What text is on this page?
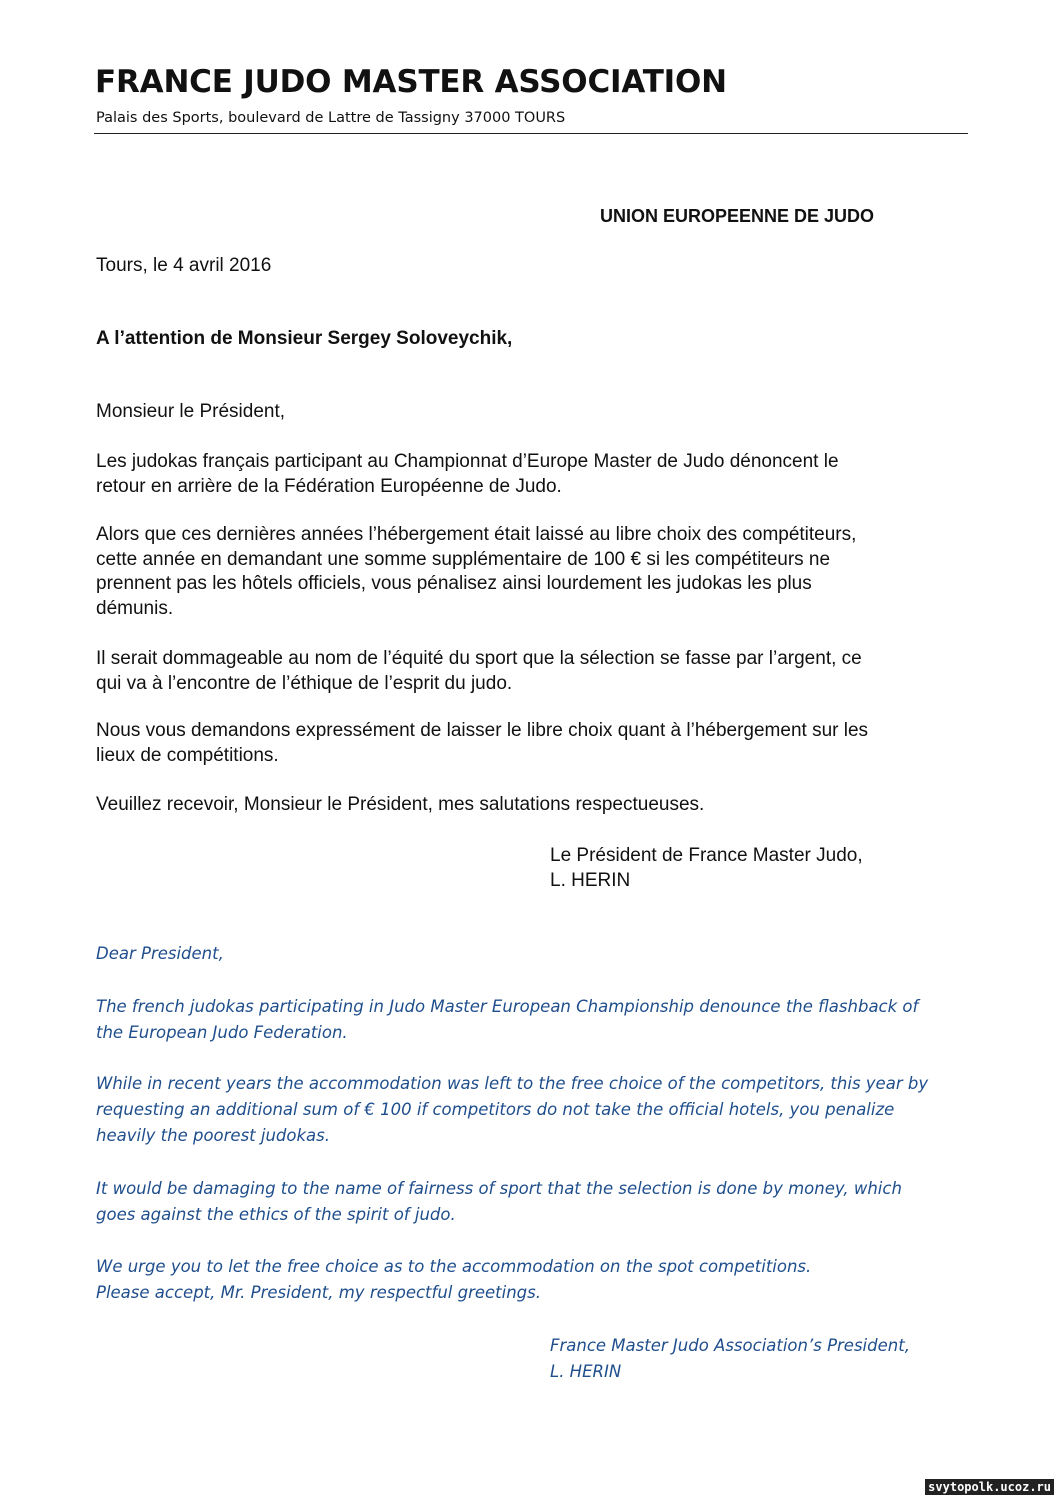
FRANCE JUDO MASTER ASSOCIATION
Palais des Sports, boulevard de Lattre de Tassigny 37000 TOURS
UNION EUROPEENNE DE JUDO
Tours, le 4 avril 2016
A l’attention de Monsieur Sergey Soloveychik,
Monsieur le Président,
Les judokas français participant au Championnat d’Europe Master de Judo dénoncent le
retour en arrière de la Fédération Européenne de Judo.
Alors que ces dernières années l’hébergement était laissé au libre choix des compétiteurs,
cette année en demandant une somme supplémentaire de 100 € si les compétiteurs ne
prennent pas les hôtels officiels, vous pénalisez ainsi lourdement les judokas les plus
démunis.
Il serait dommageable au nom de l’équité du sport que la sélection se fasse par l’argent, ce
qui va à l’encontre de l’éthique de l’esprit du judo.
Nous vous demandons expressément de laisser le libre choix quant à l’hébergement sur les
lieux de compétitions.
Veuillez recevoir, Monsieur le Président, mes salutations respectueuses.
Le Président de France Master Judo,
L. HERIN
Dear President,
The french judokas participating in Judo Master European Championship denounce the flashback of
the European Judo Federation.
While in recent years the accommodation was left to the free choice of the competitors, this year by
requesting an additional sum of € 100 if competitors do not take the official hotels, you penalize
heavily the poorest judokas.
It would be damaging to the name of fairness of sport that the selection is done by money, which
goes against the ethics of the spirit of judo.
We urge you to let the free choice as to the accommodation on the spot competitions.
Please accept, Mr. President, my respectful greetings.
France Master Judo Association’s President,
L. HERIN
svytopolk.ucoz.ru
